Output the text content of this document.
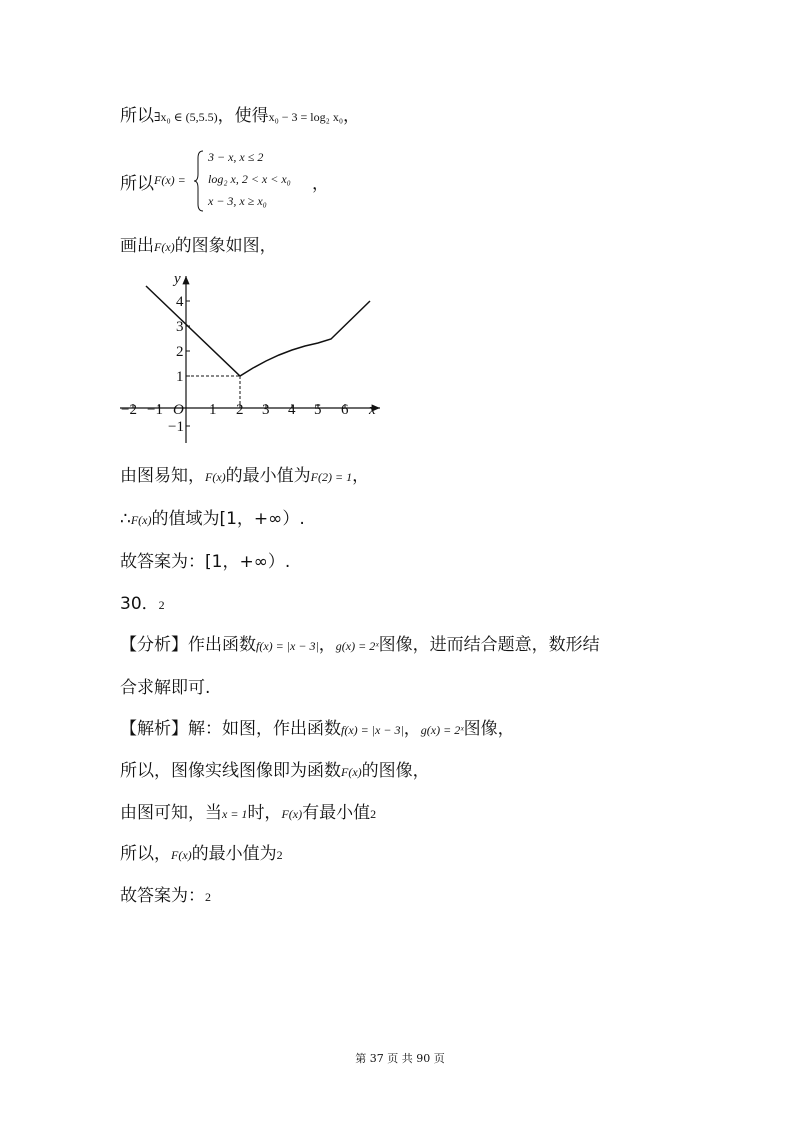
所以∃x₀ ∈ (5,5.5)，使得x₀ − 3 = log₂ x₀，
所以 F(x) =
3 − x, x ≤ 2
log₂ x, 2 < x < x₀
x − 3, x ≥ x₀
，
画出F(x)的图象如图，
−2 −1 O 1 2 3 4 5 6 x
y
4
3
2
1
−1
由图易知，F(x)的最小值为F(2) = 1，
∴F(x)的值域为[1，+∞）.
故答案为：[1，+∞）.
30．2
【分析】作出函数f(x) = |x − 3|，g(x) = 2ˣ图像，进而结合题意，数形结
合求解即可.
【解析】解：如图，作出函数f(x) = |x − 3|，g(x) = 2ˣ图像，
所以，图像实线图像即为函数F(x)的图像，
由图可知，当x = 1时，F(x)有最小值2
所以，F(x)的最小值为2
故答案为：2
第 37 页 共 90 页
